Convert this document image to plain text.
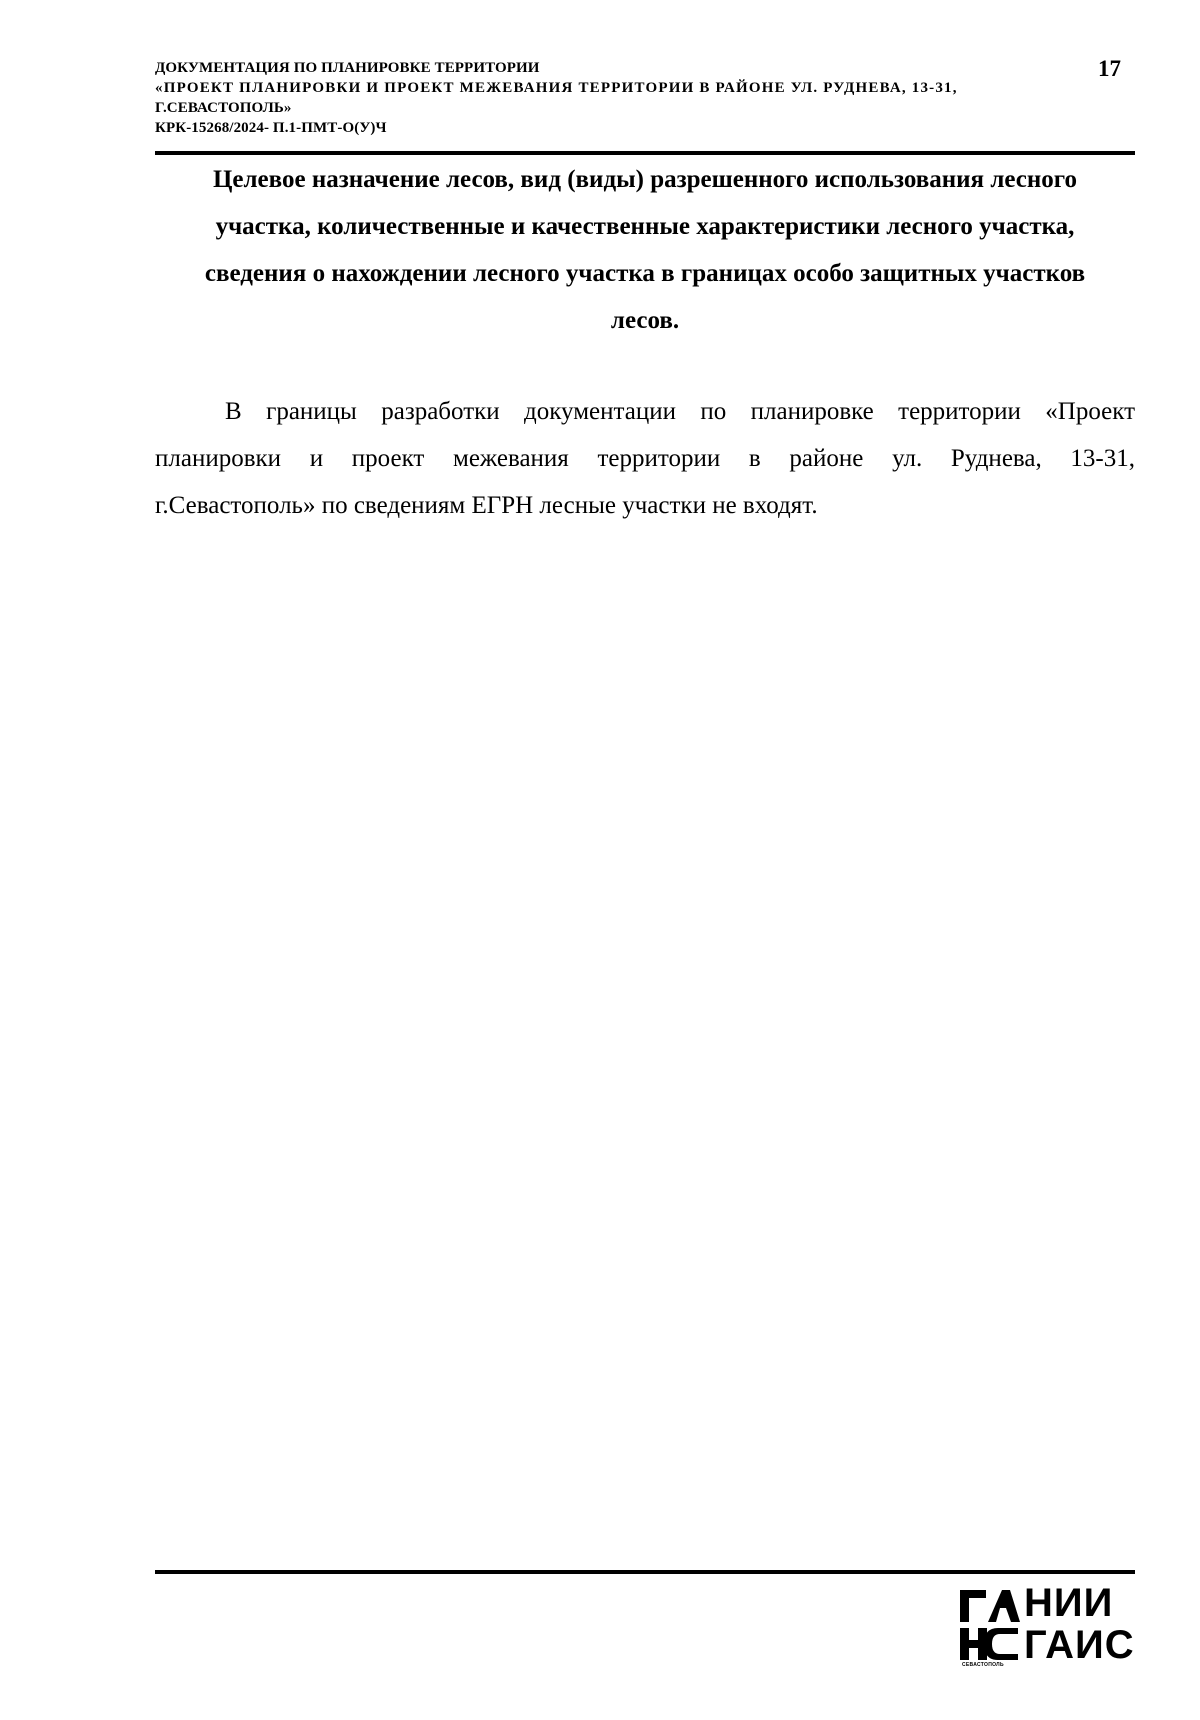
ДОКУМЕНТАЦИЯ ПО ПЛАНИРОВКЕ ТЕРРИТОРИИ
«ПРОЕКТ ПЛАНИРОВКИ И ПРОЕКТ МЕЖЕВАНИЯ ТЕРРИТОРИИ В РАЙОНЕ УЛ. РУДНЕВА, 13-31,
Г.СЕВАСТОПОЛЬ»
КРК-15268/2024- П.1-ПМТ-О(У)Ч
17
Целевое назначение лесов, вид (виды) разрешенного использования лесного
участка, количественные и качественные характеристики лесного участка,
сведения о нахождении лесного участка в границах особо защитных участков
лесов.
В границы разработки документации по планировке территории «Проект
планировки и проект межевания территории в районе ул. Руднева, 13-31,
г.Севастополь» по сведениям ЕГРН лесные участки не входят.
НИИ
ГАИС
СЕВАСТОПОЛЬ
